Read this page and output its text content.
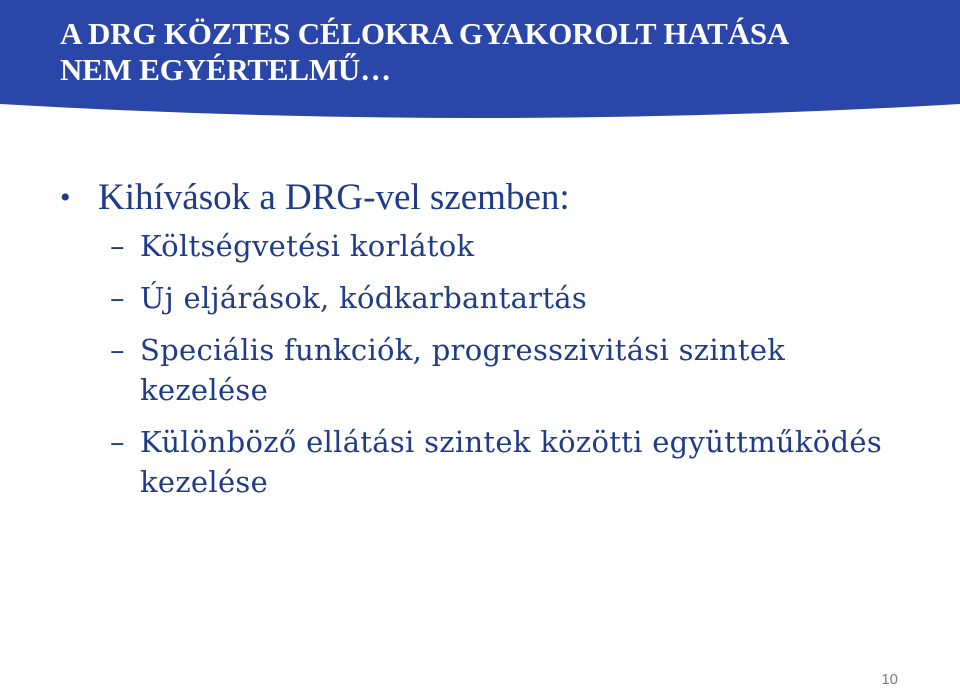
A DRG KÖZTES CÉLOKRA GYAKOROLT HATÁSA
NEM EGYÉRTELMŰ…
• Kihívások a DRG-vel szemben:
– Költségvetési korlátok
– Új eljárások, kódkarbantartás
– Speciális funkciók, progresszivitási szintek kezelése
– Különböző ellátási szintek közötti együttműködés kezelése
10
